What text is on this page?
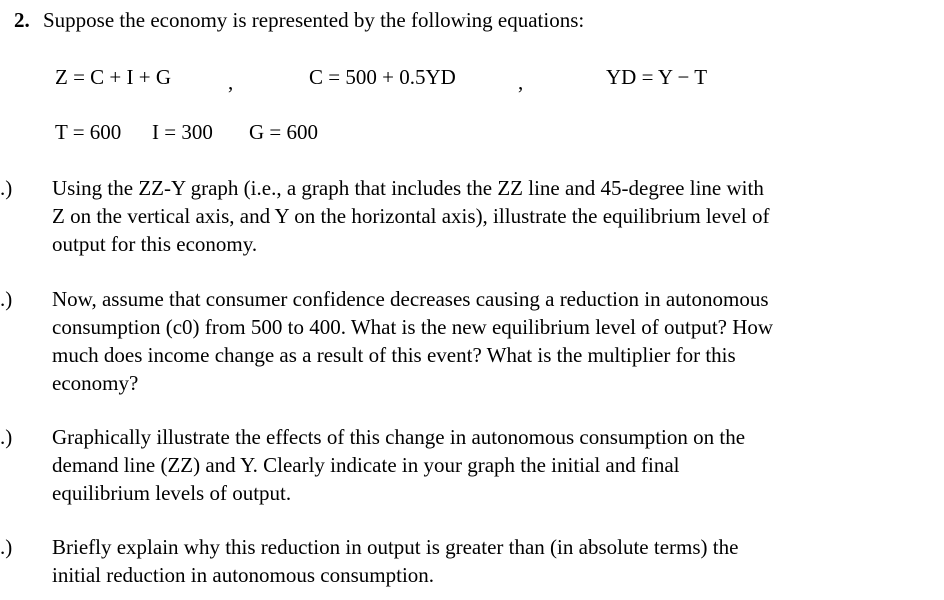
2. Suppose the economy is represented by the following equations:
Z = C + I + G	,	C = 500 + 0.5YD	,	YD = Y − T
T = 600 I = 300 G = 600
.) Using the ZZ-Y graph (i.e., a graph that includes the ZZ line and 45-degree line with
Z on the vertical axis, and Y on the horizontal axis), illustrate the equilibrium level of
output for this economy.
.) Now, assume that consumer confidence decreases causing a reduction in autonomous
consumption (c0) from 500 to 400. What is the new equilibrium level of output? How
much does income change as a result of this event? What is the multiplier for this
economy?
.) Graphically illustrate the effects of this change in autonomous consumption on the
demand line (ZZ) and Y. Clearly indicate in your graph the initial and final
equilibrium levels of output.
.) Briefly explain why this reduction in output is greater than (in absolute terms) the
initial reduction in autonomous consumption.
